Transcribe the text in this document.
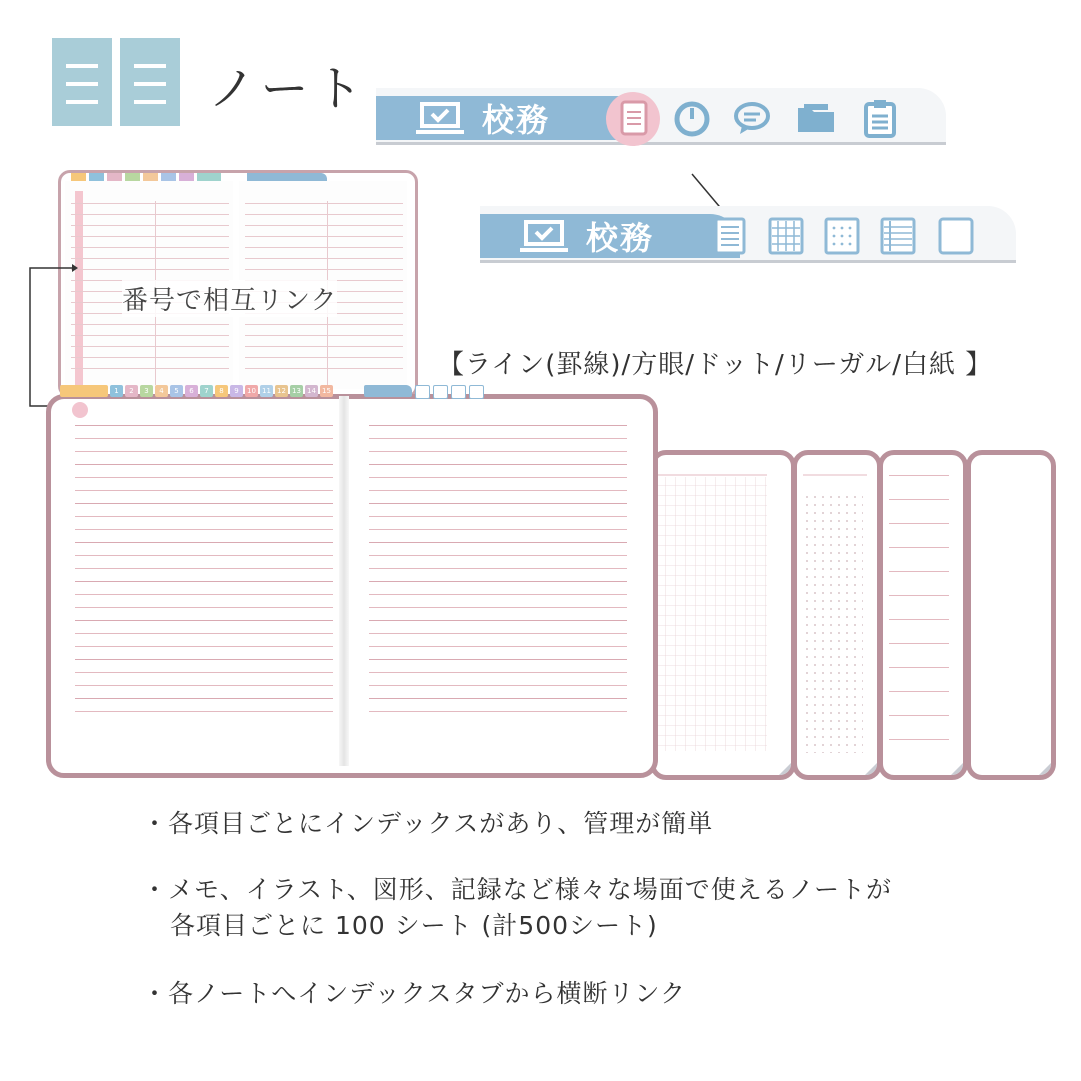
ノート
校務
校務
番号で相互リンク
【ライン(罫線)/方眼/ドット/リーガル/白紙 】
1	2	3	4	5	6	7	8	9	10 11 12 13 14 15
・各項目ごとにインデックスがあり、管理が簡単
・メモ、イラスト、図形、記録など様々な場面で使えるノートが
各項目ごとに 100 シート (計500シート)
・各ノートへインデックスタブから横断リンク
